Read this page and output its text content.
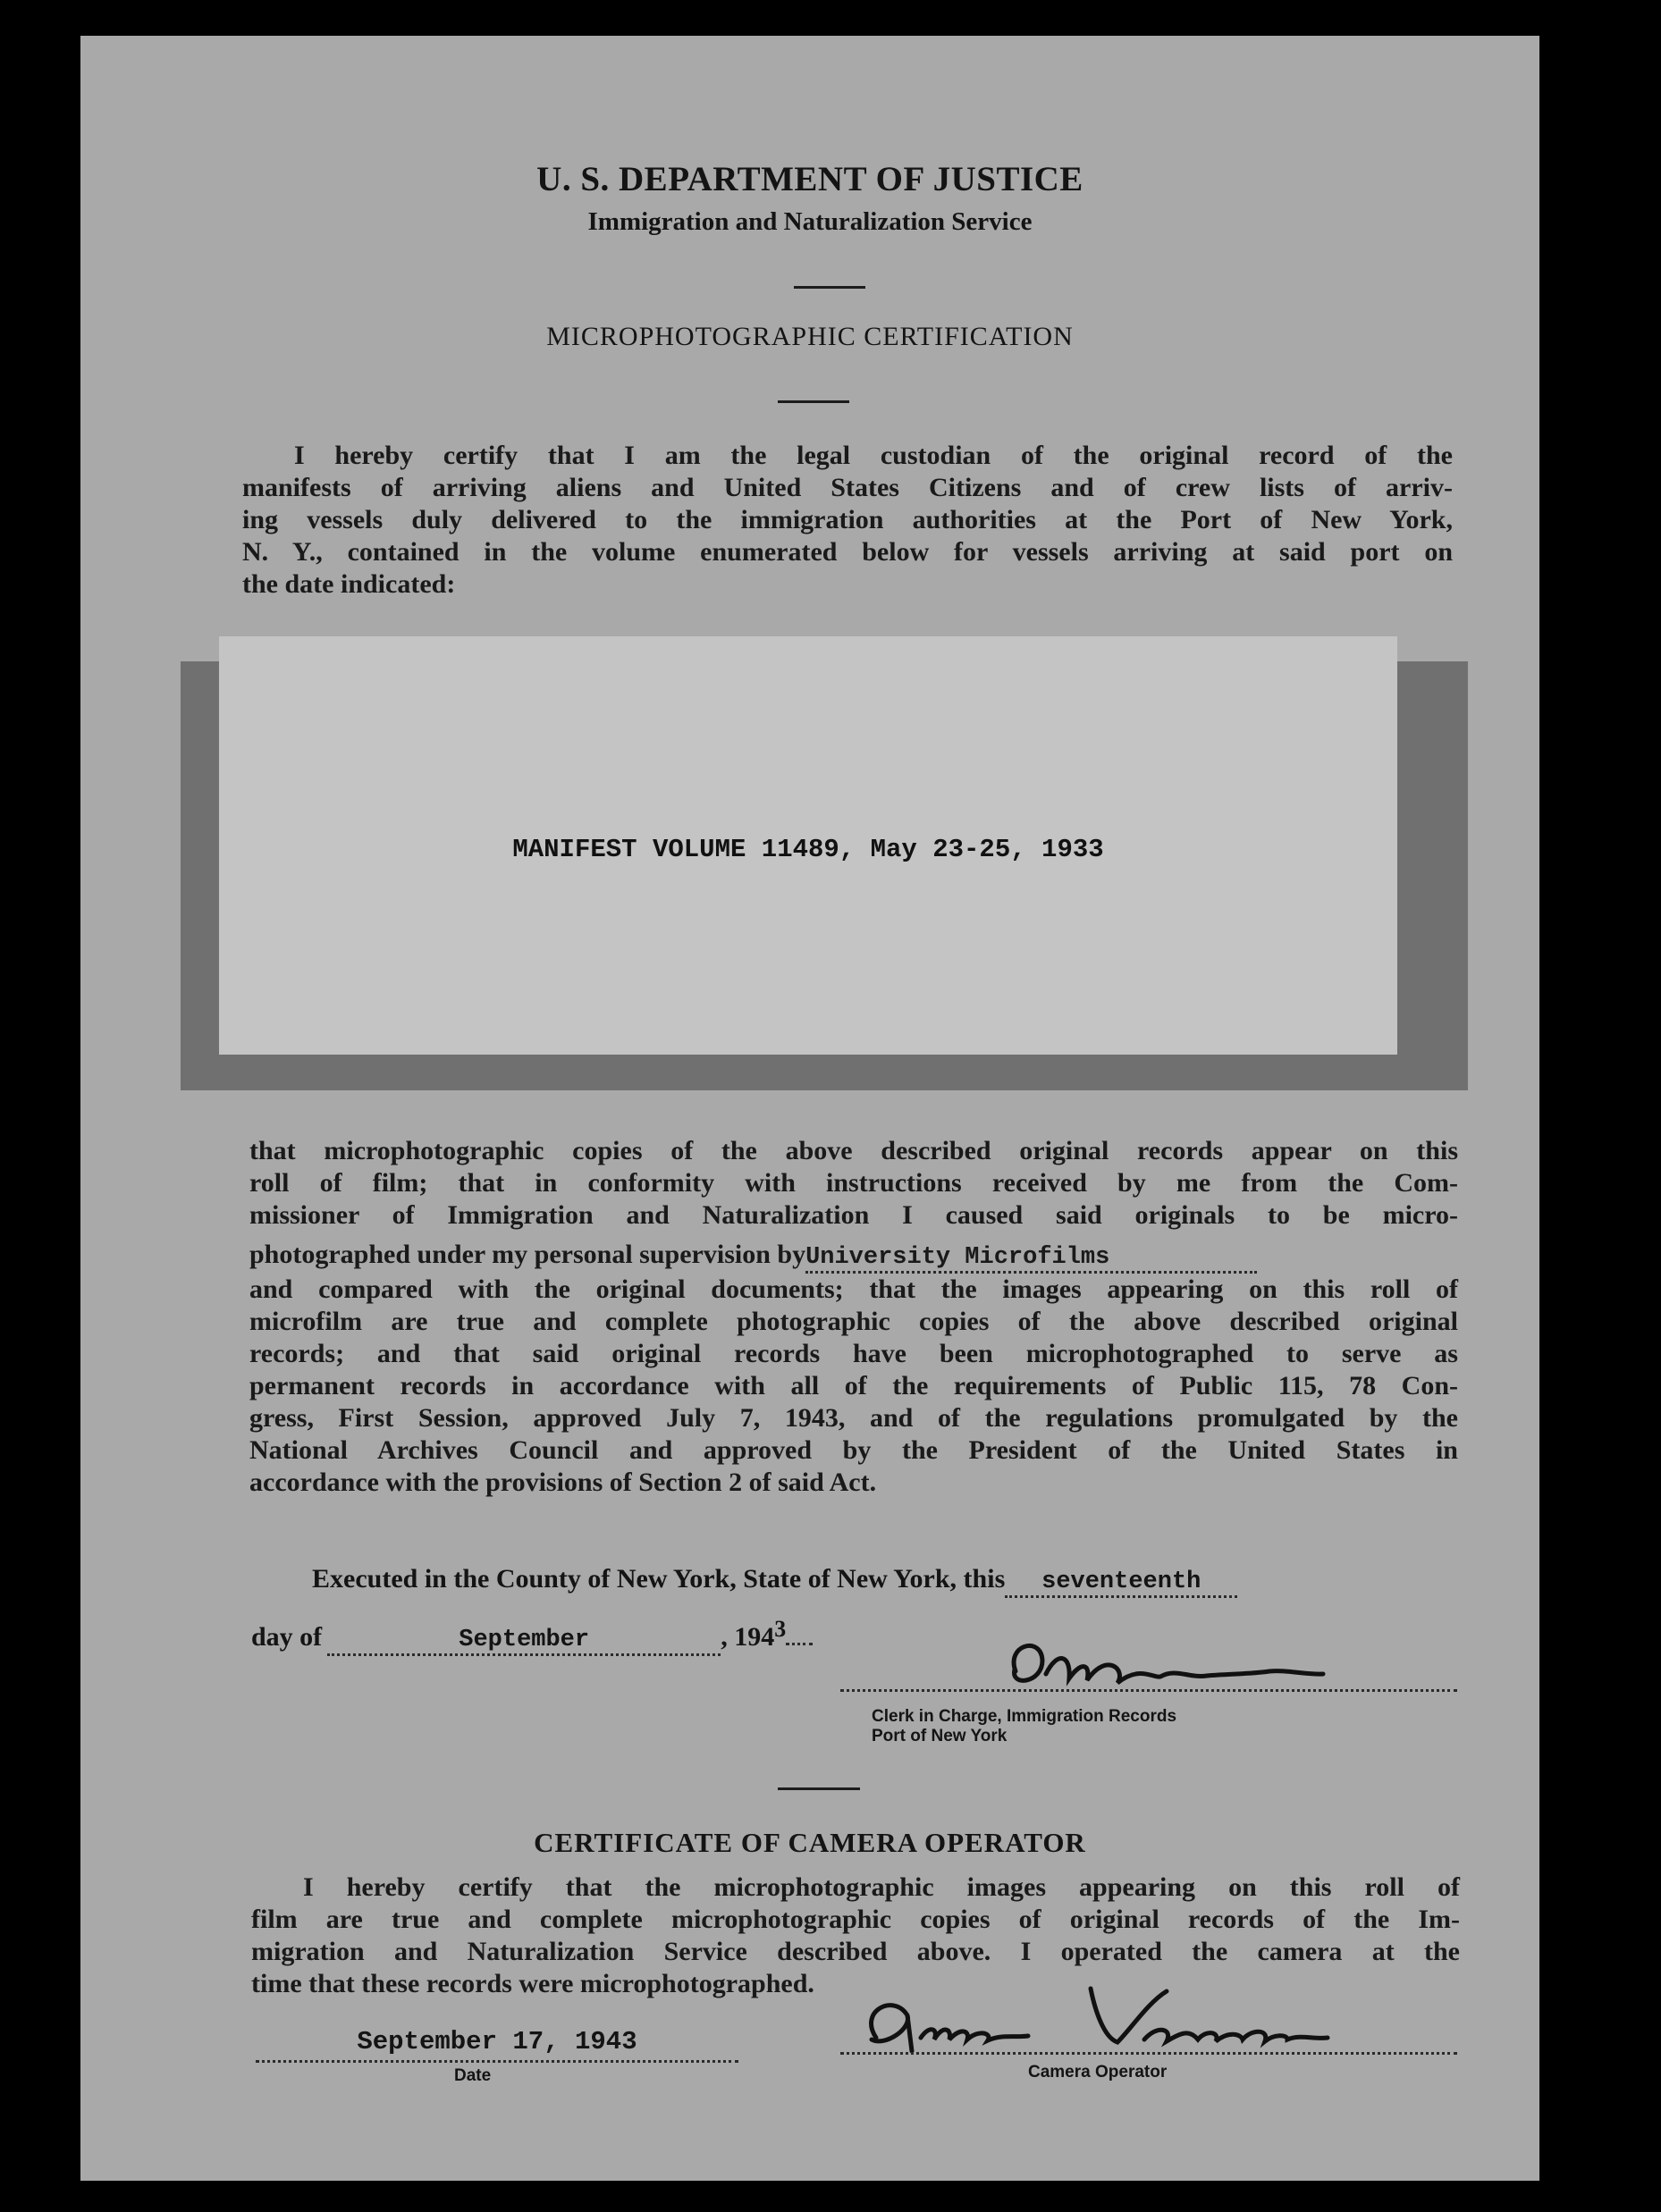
U. S. DEPARTMENT OF JUSTICE
Immigration and Naturalization Service
MICROPHOTOGRAPHIC CERTIFICATION
I hereby certify that I am the legal custodian of the original record of the
manifests of arriving aliens and United States Citizens and of crew lists of arriv-
ing vessels duly delivered to the immigration authorities at the Port of New York,
N. Y., contained in the volume enumerated below for vessels arriving at said port on
the date indicated:
MANIFEST VOLUME 11489, May 23-25, 1933
that microphotographic copies of the above described original records appear on this
roll of film; that in conformity with instructions received by me from the Com-
missioner of Immigration and Naturalization I caused said originals to be micro-
photographed under my personal supervision byUniversity Microfilms
and compared with the original documents; that the images appearing on this roll of
microfilm are true and complete photographic copies of the above described original
records; and that said original records have been microphotographed to serve as
permanent records in accordance with all of the requirements of Public 115, 78 Con-
gress, First Session, approved July 7, 1943, and of the regulations promulgated by the
National Archives Council and approved by the President of the United States in
accordance with the provisions of Section 2 of said Act.
Executed in the County of New York, State of New York, this seventeenth
day of	September	, 1943
Clerk in Charge, Immigration Records
Port of New York
CERTIFICATE OF CAMERA OPERATOR
I hereby certify that the microphotographic images appearing on this roll of
film are true and complete microphotographic copies of original records of the Im-
migration and Naturalization Service described above. I operated the camera at the
time that these records were microphotographed.
September 17, 1943
Date	Camera Operator
